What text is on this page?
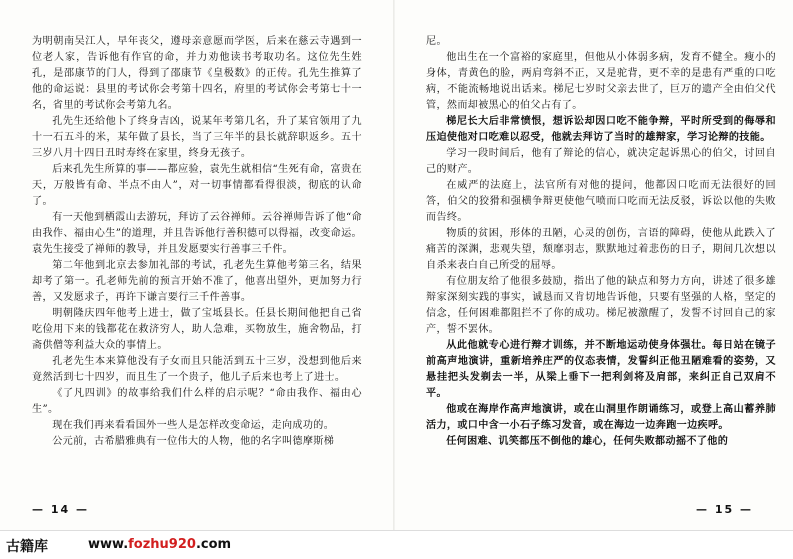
为明朝南吴江人，早年丧父，遵母亲意愿而学医，后来在慈云寺遇到一位老人家，告诉他有作官的命，并力劝他读书考取功名。这位先生姓孔，是邵康节的门人，得到了邵康节《皇极数》的正传。孔先生推算了他的命运说：县里的考试你会考第十四名，府里的考试你会考第七十一名，省里的考试你会考第九名。

孔先生还给他卜了终身吉凶，说某年考第几名，升了某官领用了九十一石五斗的米，某年做了县长，当了三年半的县长就辞职返乡。五十三岁八月十四日丑时寿终在家里，终身无孩子。

后来孔先生所算的事——都应验，袁先生就相信“生死有命，富贵在天，万般皆有命、半点不由人”，对一切事情都看得很淡，彻底的认命了。

有一天他到栖霞山去游玩，拜访了云谷禅师。云谷禅师告诉了他“命由我作、福由心生”的道理，并且告诉他行善积德可以得福，改变命运。袁先生接受了禅师的教导，并且发愿要实行善事三千件。

第二年他到北京去参加礼部的考试，孔老先生算他考第三名，结果却考了第一。孔老师先前的预言开始不准了，他喜出望外，更加努力行善，又发愿求子，再许下谦言要行三千件善事。

明朝隆庆四年他考上进士，做了宝坻县长。任县长期间他把自己省吃俭用下来的钱都花在救济穷人，助人急难，买物放生，施舍物品，打斋供僧等利益大众的事情上。

孔老先生本来算他没有子女而且只能活到五十三岁，没想到他后来竟然活到七十四岁，而且生了一个贵子，他儿子后来也考上了进士。

《了凡四训》的故事给我们什么样的启示呢？“命由我作、福由心生”。

现在我们再来看看国外一些人是怎样改变命运，走向成功的。

公元前，古希腊雅典有一位伟大的人物，他的名字叫德摩斯梯

尼。

他出生在一个富裕的家庭里，但他从小体弱多病，发育不健全。瘦小的身体，青黄色的脸，两肩弯斜不正，又是驼背，更不幸的是患有严重的口吃病，不能流畅地说出话来。梯尼七岁时父亲去世了，巨万的遗产全由伯父代管，然而却被黑心的伯父占有了。

梯尼长大后非常愤恨，想诉讼却因口吃不能争辩，平时所受到的侮辱和压迫使他对口吃难以忍受，他就去拜访了当时的雄辩家，学习论辩的技能。

学习一段时间后，他有了辩论的信心，就决定起诉黑心的伯父，讨回自己的财产。

在威严的法庭上，法官所有对他的提问，他都因口吃而无法很好的回答，伯父的狡猾和强横争辩更使他气喷而口吃而无法反驳，诉讼以他的失败而告终。

物质的贫困，形体的丑陋，心灵的创伤，言语的障碍，使他从此跌入了痛苦的深渊，悲观失望，颓靡羽志，默默地过着悲伤的日子，期间几次想以自杀来表白自己所受的屈辱。

有位朋友给了他很多鼓励，指出了他的缺点和努力方向，讲述了很多雄辩家深刻实践的事实，诚恳而又肯切地告诉他，只要有坚强的人格，坚定的信念，任何困难都阻拦不了你的成功。梯尼被激醒了，发誓不讨回自己的家产，誓不罢休。

从此他就专心进行辩才训练，并不断地运动使身体强壮。每日站在镜子前高声地演讲，重新培养庄严的仪态表情，发誓纠正他丑陋难看的姿势，又悬挂把头发剃去一半，从梁上垂下一把利剑将及肩部，来纠正自己双肩不平。

他或在海岸作高声地演讲，或在山洞里作朗诵练习，或登上高山蓄养肺活力，或口中含一小石子练习发音，或在海边一边奔跑一边疾呼。

任何困难、讥笑都压不倒他的雄心，任何失败都动摇不了他的

— 14 —	— 15 —
古籍库	www.fozhu920.com
